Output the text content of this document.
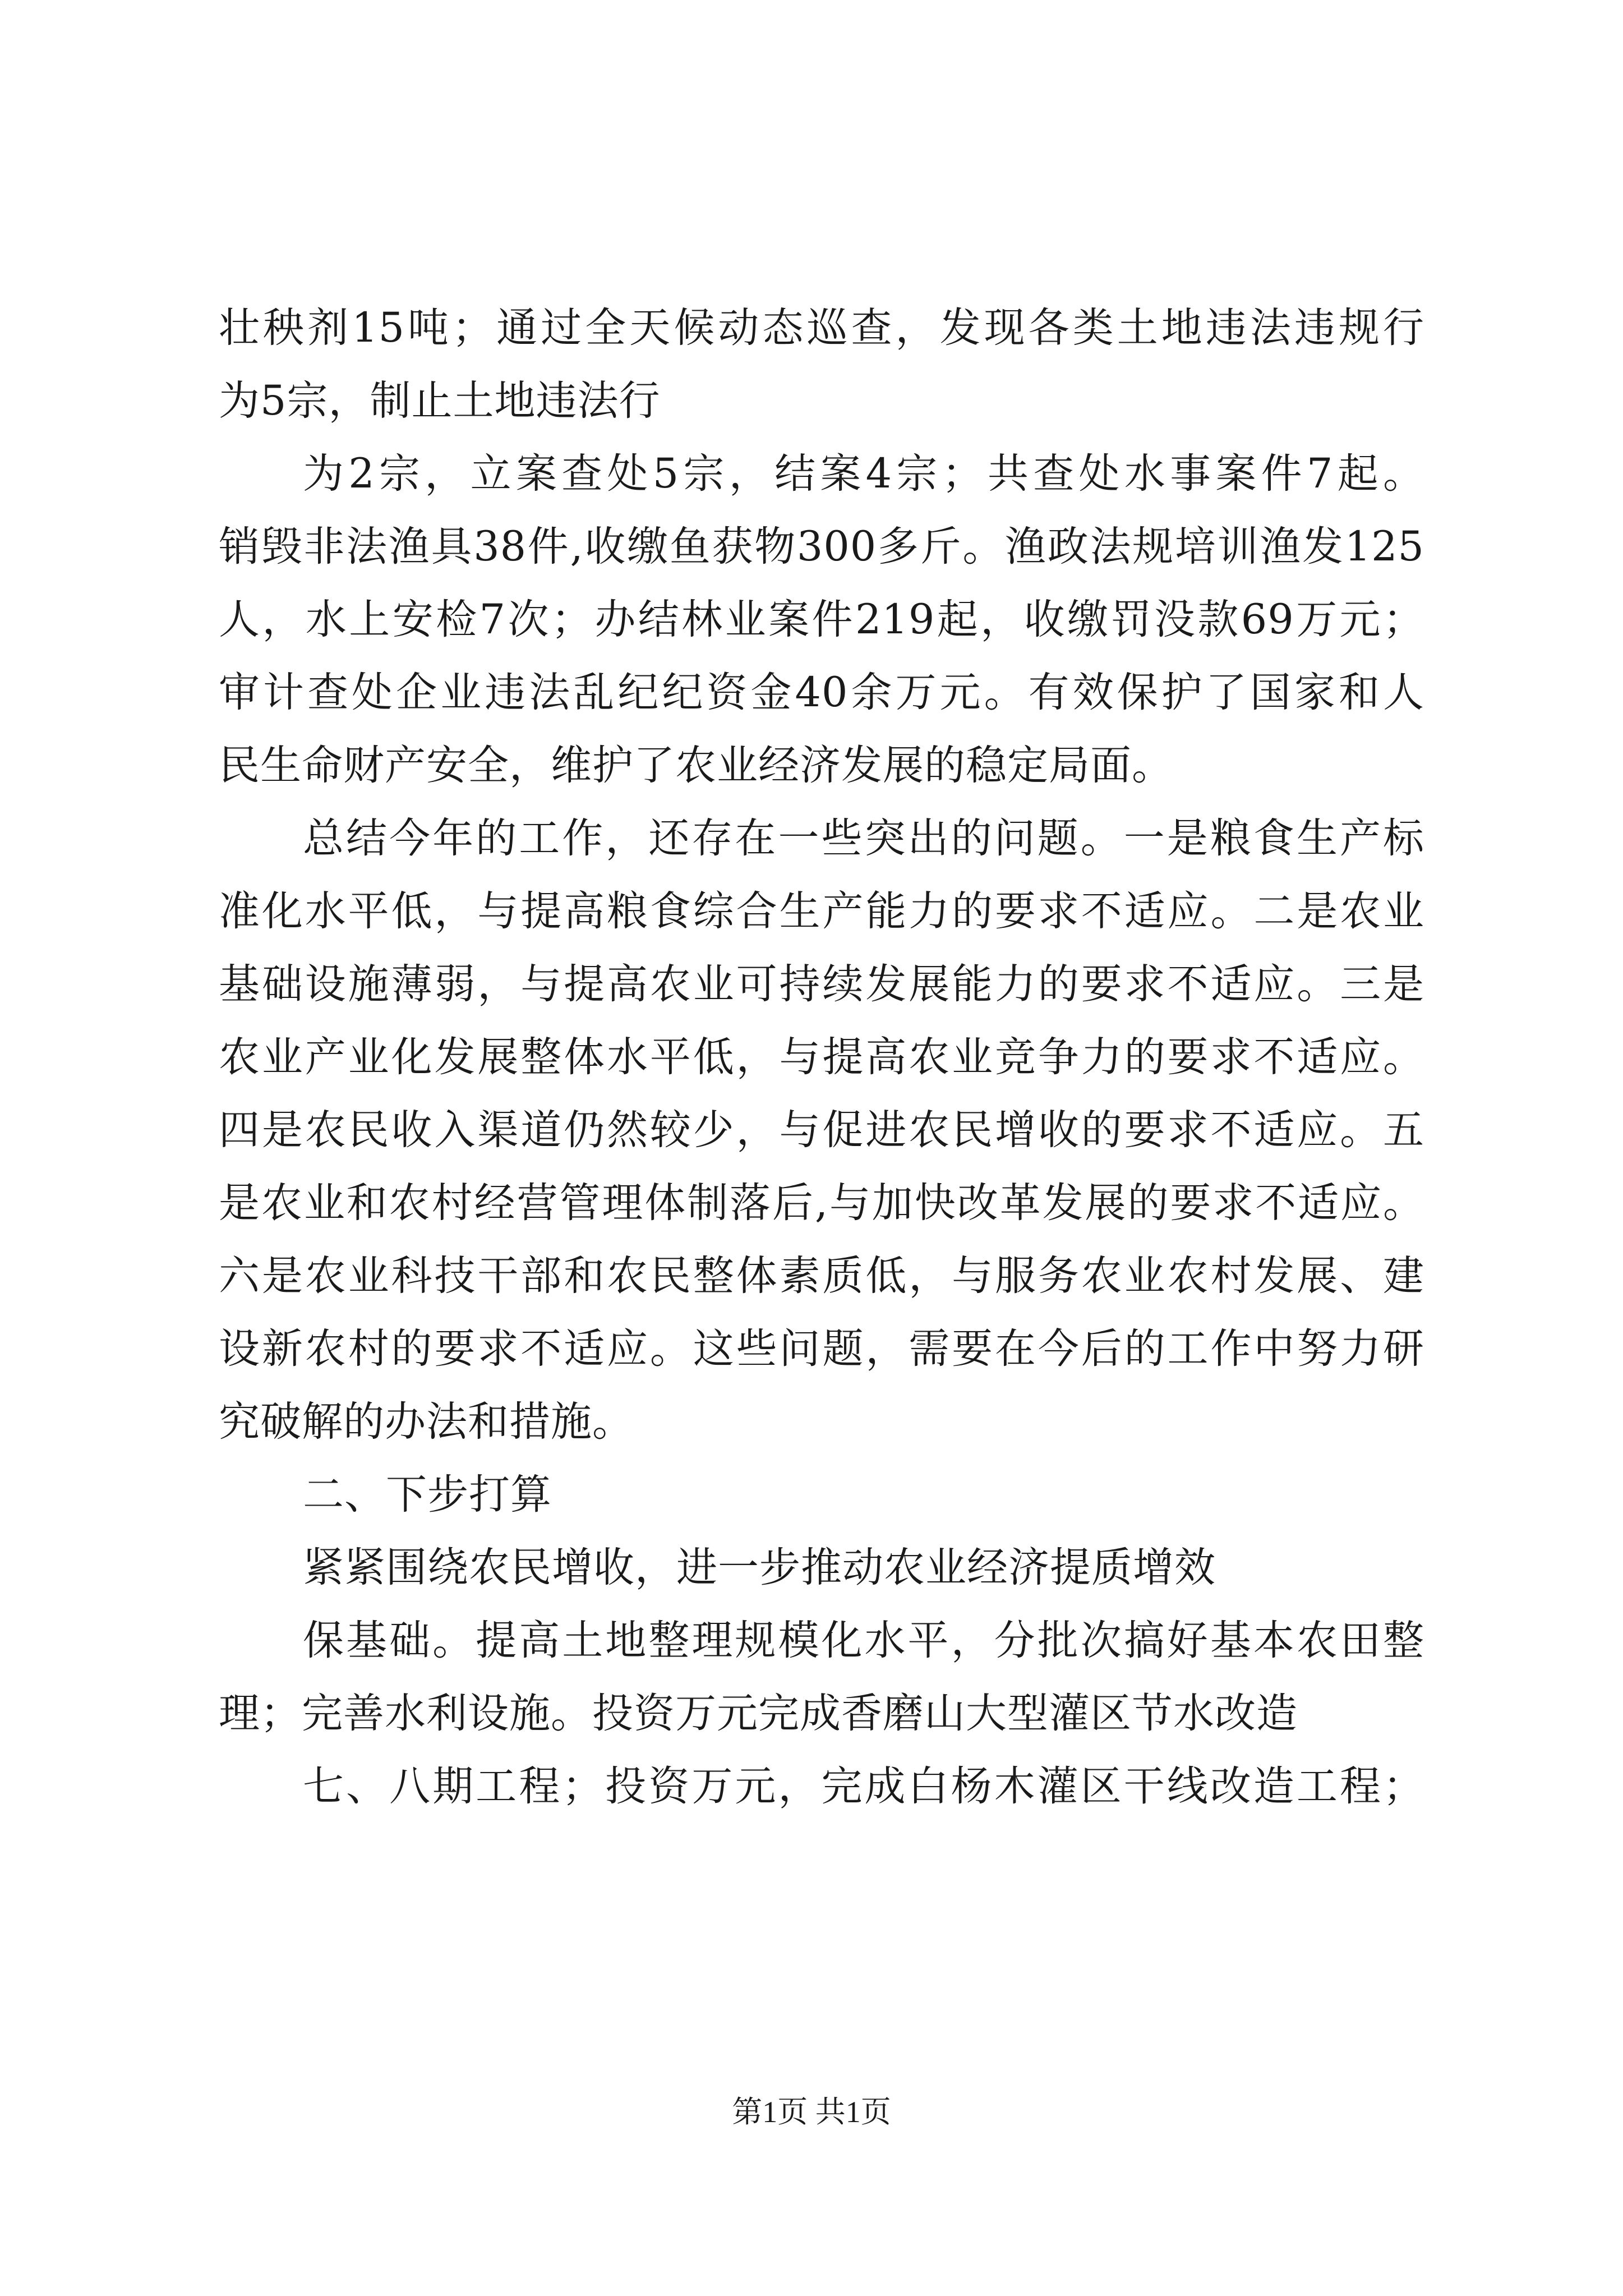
壮秧剂15吨；通过全天候动态巡查，发现各类土地违法违规行
为5宗，制止土地违法行
为2宗，立案查处5宗，结案4宗；共查处水事案件7起。
销毁非法渔具38件,收缴鱼获物300多斤。渔政法规培训渔发125
人，水上安检7次；办结林业案件219起，收缴罚没款69万元；
审计查处企业违法乱纪纪资金40余万元。有效保护了国家和人
民生命财产安全，维护了农业经济发展的稳定局面。
总结今年的工作，还存在一些突出的问题。一是粮食生产标
准化水平低，与提高粮食综合生产能力的要求不适应。二是农业
基础设施薄弱，与提高农业可持续发展能力的要求不适应。三是
农业产业化发展整体水平低，与提高农业竞争力的要求不适应。
四是农民收入渠道仍然较少，与促进农民增收的要求不适应。五
是农业和农村经营管理体制落后,与加快改革发展的要求不适应。
六是农业科技干部和农民整体素质低，与服务农业农村发展、建
设新农村的要求不适应。这些问题，需要在今后的工作中努力研
究破解的办法和措施。
二、下步打算
紧紧围绕农民增收，进一步推动农业经济提质增效
保基础。提高土地整理规模化水平，分批次搞好基本农田整
理；完善水利设施。投资万元完成香磨山大型灌区节水改造
七、八期工程；投资万元，完成白杨木灌区干线改造工程；
第1页 共1页
